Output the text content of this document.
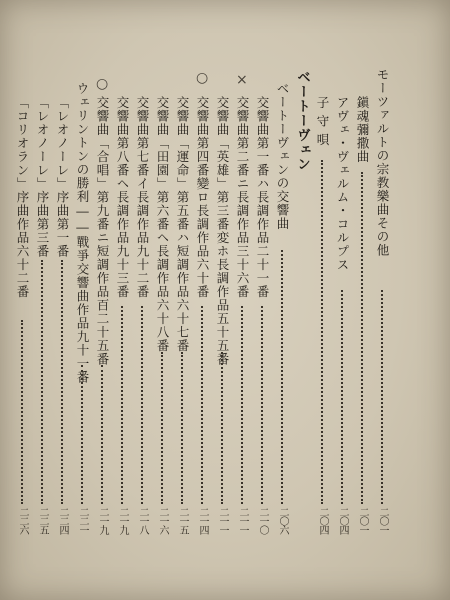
モーツァルトの宗教樂曲その他
二〇一
鎭魂彌撒曲
二〇一
アヴェ・ヴェルム・コルプス
二〇四
子守唄
二〇四
ベートーヴェン
ベートーヴェンの交響曲
二〇六
交響曲第一番ハ長調作品二十一番
二一〇
交響曲第二番ニ長調作品三十六番
二一一
交響曲「英雄」第三番変ホ長調作品五十五番
二一一
交響曲第四番變ロ長調作品六十番
二一四
交響曲「運命」第五番ハ短調作品六十七番
二一五
交響曲「田園」第六番ヘ長調作品六十八番
二一六
交響曲第七番イ長調作品九十二番
二一八
交響曲第八番ヘ長調作品九十三番
二一九
交響曲「合唱」第九番ニ短調作品百二十五番
二一九
ウェリントンの勝利――戰爭交響曲作品九十一番
二二一
「レオノーレ」序曲第一番
二二四
「レオノーレ」序曲第三番
二二五
「コリオラン」序曲作品六十二番
二二六
○ ×
○
